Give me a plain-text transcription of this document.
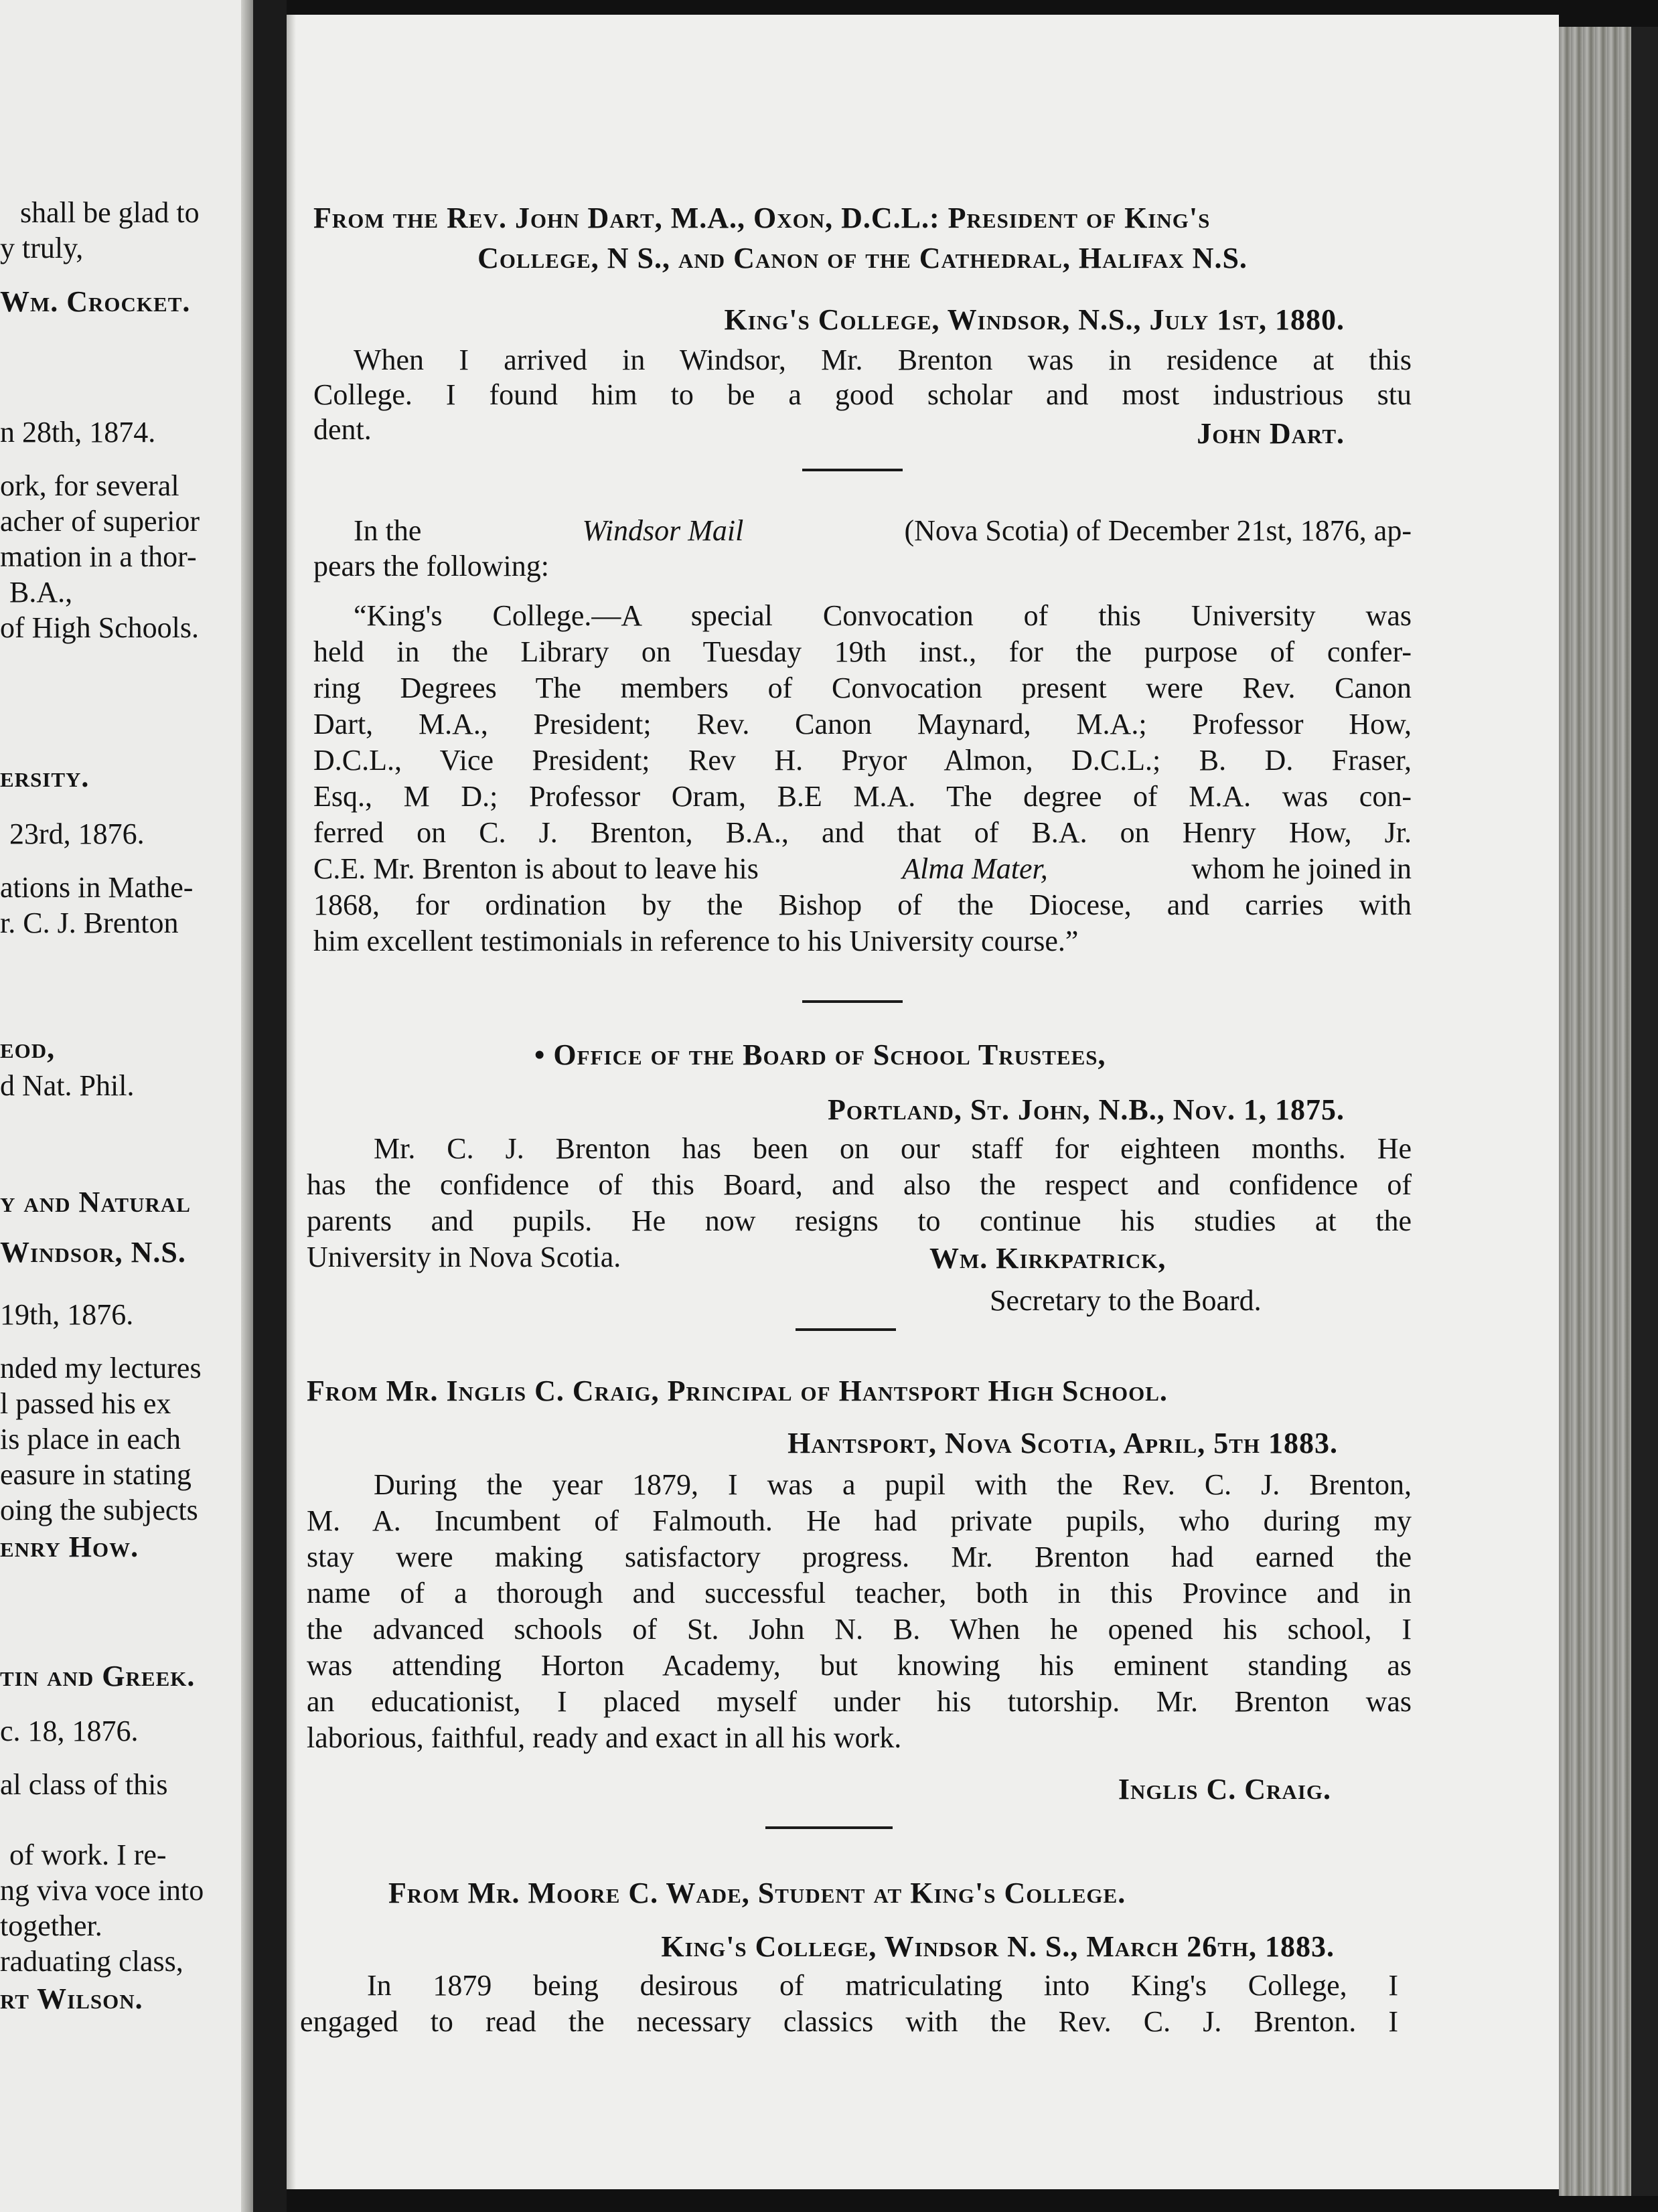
shall be glad to
y truly,
Wm. Crocket.
n 28th, 1874.
ork, for several
acher of superior
mation in a thor-
B.A.,
of High Schools.
ersity.
23rd, 1876.
ations in Mathe-
r. C. J. Brenton
eod,
d Nat. Phil.
y and Natural
Windsor, N.S.
19th, 1876.
nded my lectures
l passed his ex
is place in each
easure in stating
oing the subjects
enry How.
tin and Greek.
c. 18, 1876.
al class of this
of work. I re-
ng viva voce into
together.
raduating class,
rt Wilson.
From the Rev. John Dart, M.A., Oxon, D.C.L.: President of King's
College, N S., and Canon of the Cathedral, Halifax N.S.
King's College, Windsor, N.S., July 1st, 1880.
When I arrived in Windsor, Mr. Brenton was in residence at this
College. I found him to be a good scholar and most industrious stu
dent.	John Dart.
In the	Windsor Mail	(Nova Scotia) of December 21st, 1876, ap-
pears the following:
“King's College.—A special Convocation of this University was
held in the Library on Tuesday 19th inst., for the purpose of confer-
ring Degrees The members of Convocation present were Rev. Canon
Dart, M.A., President; Rev. Canon Maynard, M.A.; Professor How,
D.C.L., Vice President; Rev H. Pryor Almon, D.C.L.; B. D. Fraser,
Esq., M D.; Professor Oram, B.E M.A. The degree of M.A. was con-
ferred on C. J. Brenton, B.A., and that of B.A. on Henry How, Jr.
C.E. Mr. Brenton is about to leave his	Alma Mater,	whom he joined in
1868, for ordination by the Bishop of the Diocese, and carries with
him excellent testimonials in reference to his University course.”
• Office of the Board of School Trustees,
Portland, St. John, N.B., Nov. 1, 1875.
Mr. C. J. Brenton has been on our staff for eighteen months. He
has the confidence of this Board, and also the respect and confidence of
parents and pupils. He now resigns to continue his studies at the
University in Nova Scotia.	Wm. Kirkpatrick,
Secretary to the Board.
From Mr. Inglis C. Craig, Principal of Hantsport High School.
Hantsport, Nova Scotia, April, 5th 1883.
During the year 1879, I was a pupil with the Rev. C. J. Brenton,
M. A. Incumbent of Falmouth. He had private pupils, who during my
stay were making satisfactory progress. Mr. Brenton had earned the
name of a thorough and successful teacher, both in this Province and in
the advanced schools of St. John N. B. When he opened his school, I
was attending Horton Academy, but knowing his eminent standing as
an educationist, I placed myself under his tutorship. Mr. Brenton was
laborious, faithful, ready and exact in all his work.
Inglis C. Craig.
From Mr. Moore C. Wade, Student at King's College.
King's College, Windsor N. S., March 26th, 1883.
In 1879 being desirous of matriculating into King's College, I
engaged to read the necessary classics with the Rev. C. J. Brenton. I
